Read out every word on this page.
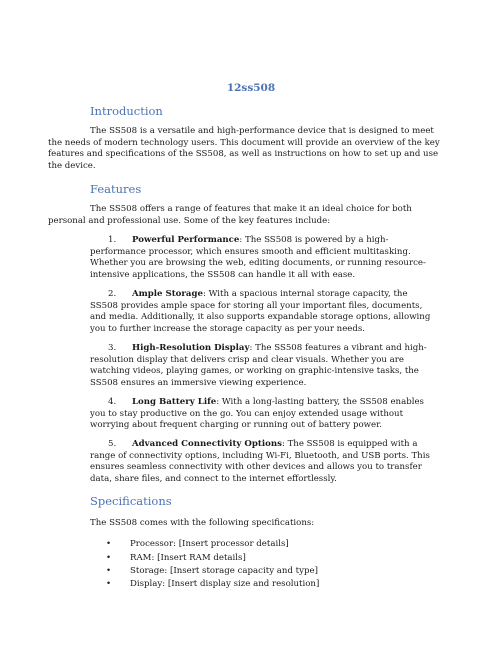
12ss508
Introduction

The SS508 is a versatile and high-performance device that is designed to meet the needs of modern technology users. This document will provide an overview of the key features and specifications of the SS508, as well as instructions on how to set up and use the device.

Features

The SS508 offers a range of features that make it an ideal choice for both personal and professional use. Some of the key features include:

1. Powerful Performance: The SS508 is powered by a high-performance processor, which ensures smooth and efficient multitasking. Whether you are browsing the web, editing documents, or running resource-intensive applications, the SS508 can handle it all with ease.

2. Ample Storage: With a spacious internal storage capacity, the SS508 provides ample space for storing all your important files, documents, and media. Additionally, it also supports expandable storage options, allowing you to further increase the storage capacity as per your needs.

3. High-Resolution Display: The SS508 features a vibrant and high-resolution display that delivers crisp and clear visuals. Whether you are watching videos, playing games, or working on graphic-intensive tasks, the SS508 ensures an immersive viewing experience.

4. Long Battery Life: With a long-lasting battery, the SS508 enables you to stay productive on the go. You can enjoy extended usage without worrying about frequent charging or running out of battery power.

5. Advanced Connectivity Options: The SS508 is equipped with a range of connectivity options, including Wi-Fi, Bluetooth, and USB ports. This ensures seamless connectivity with other devices and allows you to transfer data, share files, and connect to the internet effortlessly.

Specifications

The SS508 comes with the following specifications:

• Processor: [Insert processor details]
• RAM: [Insert RAM details]
• Storage: [Insert storage capacity and type]
• Display: [Insert display size and resolution]
